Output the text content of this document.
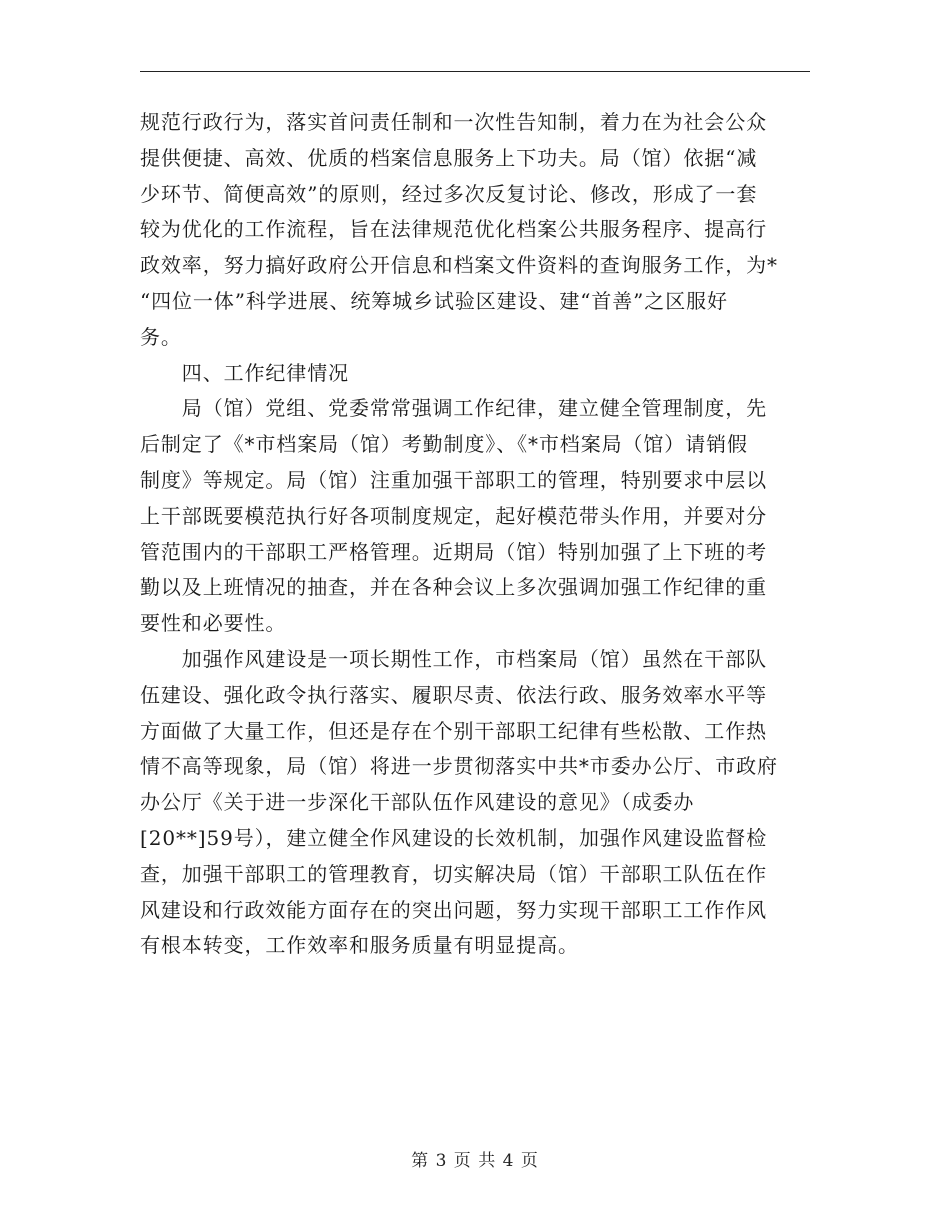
规范行政行为，落实首问责任制和一次性告知制，着力在为社会公众
提供便捷、高效、优质的档案信息服务上下功夫。局（馆）依据“减
少环节、简便高效”的原则，经过多次反复讨论、修改，形成了一套
较为优化的工作流程，旨在法律规范优化档案公共服务程序、提高行
政效率，努力搞好政府公开信息和档案文件资料的查询服务工作，为*
“四位一体”科学进展、统筹城乡试验区建设、建“首善”之区服好
务。
　　四、工作纪律情况
　　局（馆）党组、党委常常强调工作纪律，建立健全管理制度，先
后制定了《*市档案局（馆）考勤制度》、《*市档案局（馆）请销假
制度》等规定。局（馆）注重加强干部职工的管理，特别要求中层以
上干部既要模范执行好各项制度规定，起好模范带头作用，并要对分
管范围内的干部职工严格管理。近期局（馆）特别加强了上下班的考
勤以及上班情况的抽查，并在各种会议上多次强调加强工作纪律的重
要性和必要性。
　　加强作风建设是一项长期性工作，市档案局（馆）虽然在干部队
伍建设、强化政令执行落实、履职尽责、依法行政、服务效率水平等
方面做了大量工作，但还是存在个别干部职工纪律有些松散、工作热
情不高等现象，局（馆）将进一步贯彻落实中共*市委办公厅、市政府
办公厅《关于进一步深化干部队伍作风建设的意见》（成委办
[20**]59号），建立健全作风建设的长效机制，加强作风建设监督检
查，加强干部职工的管理教育，切实解决局（馆）干部职工队伍在作
风建设和行政效能方面存在的突出问题，努力实现干部职工工作作风
有根本转变，工作效率和服务质量有明显提高。
第 3 页 共 4 页
